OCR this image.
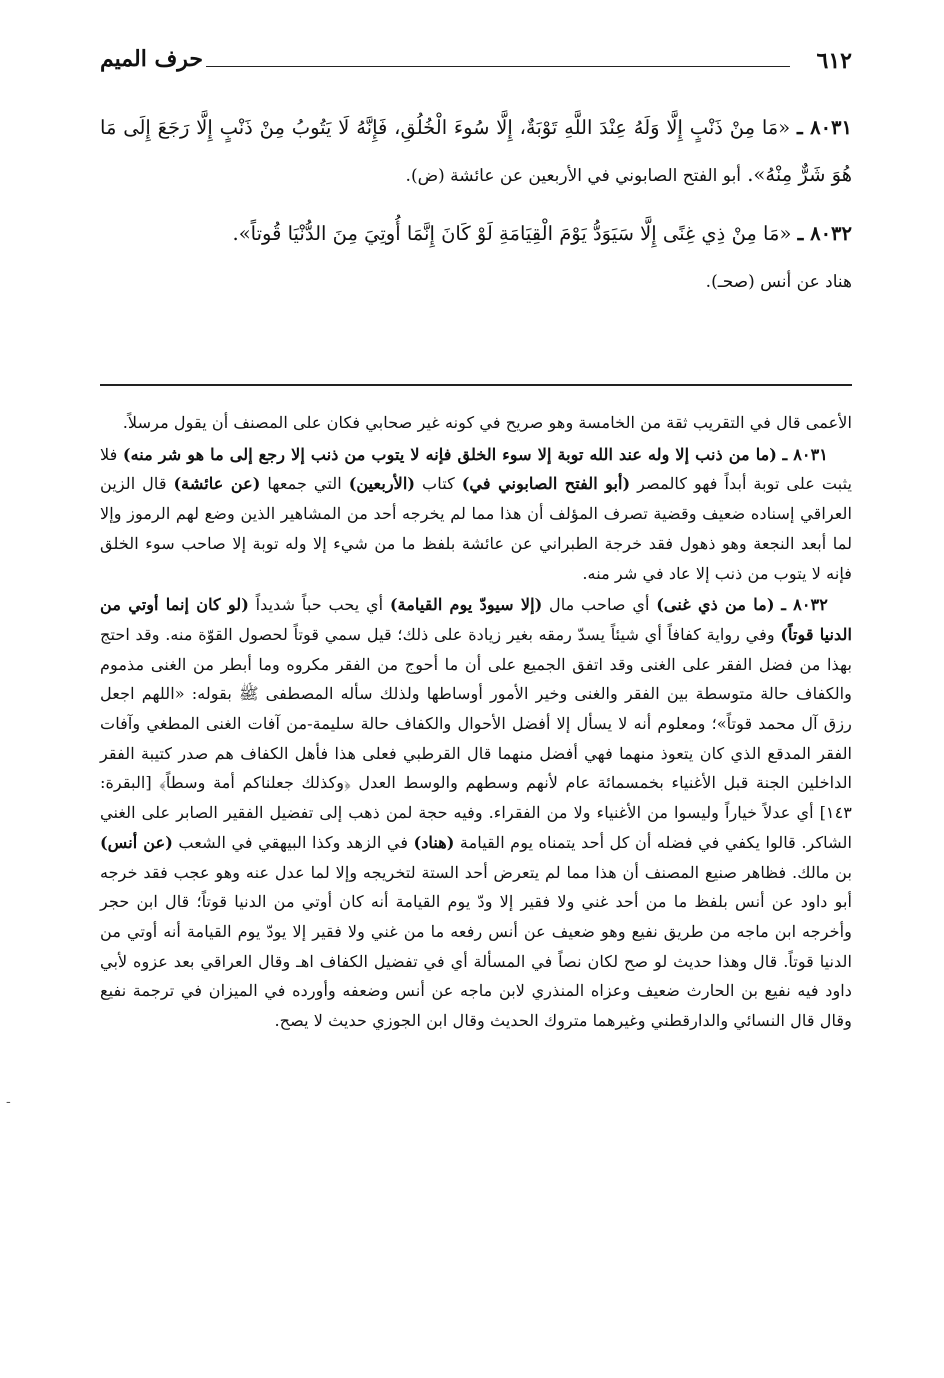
٦١٢
حرف الميم

٨٠٣١ ـ «مَا مِنْ ذَنْبٍ إِلَّا وَلَهُ عِنْدَ اللَّهِ تَوْبَةٌ، إِلَّا سُوءَ الْخُلُقِ، فَإِنَّهُ لَا يَتُوبُ مِنْ ذَنْبٍ إِلَّا رَجَعَ إِلَى مَا هُوَ شَرٌّ مِنْهُ». أبو الفتح الصابوني في الأربعين عن عائشة (ض).

٨٠٣٢ ـ «مَا مِنْ ذِي غِنًى إِلَّا سَيَوَدُّ يَوْمَ الْقِيَامَةِ لَوْ كَانَ إِنَّمَا أُوتِيَ مِنَ الدُّنْيَا قُوتاً».
هناد عن أنس (صحـ).

الأعمى قال في التقريب ثقة من الخامسة وهو صريح في كونه غير صحابي فكان على المصنف أن يقول مرسلاً.

٨٠٣١ ـ (ما من ذنب إلا وله عند الله توبة إلا سوء الخلق فإنه لا يتوب من ذنب إلا رجع إلى ما هو شر منه) فلا يثبت على توبة أبداً فهو كالمصر (أبو الفتح الصابوني في) كتاب (الأربعين) التي جمعها (عن عائشة) قال الزين العراقي إسناده ضعيف وقضية تصرف المؤلف أن هذا مما لم يخرجه أحد من المشاهير الذين وضع لهم الرموز وإلا لما أبعد النجعة وهو ذهول فقد خرجة الطبراني عن عائشة بلفظ ما من شيء إلا وله توبة إلا صاحب سوء الخلق فإنه لا يتوب من ذنب إلا عاد في شر منه.

٨٠٣٢ ـ (ما من ذي غنى) أي صاحب مال (إلا سيودّ يوم القيامة) أي يحب حباً شديداً (لو كان إنما أوتي من الدنيا قوتاً) وفي رواية كفافاً أي شيئاً يسدّ رمقه بغير زيادة على ذلك؛ قيل سمي قوتاً لحصول القوّة منه. وقد احتج بهذا من فضل الفقر على الغنى وقد اتفق الجميع على أن ما أحوج من الفقر مكروه وما أبطر من الغنى مذموم والكفاف حالة متوسطة بين الفقر والغنى وخير الأمور أوساطها ولذلك سأله المصطفى ﷺ بقوله: «اللهم اجعل رزق آل محمد قوتاً»؛ ومعلوم أنه لا يسأل إلا أفضل الأحوال والكفاف حالة سليمة-من آفات الغنى المطغي وآفات الفقر المدقع الذي كان يتعوذ منهما فهي أفضل منهما قال القرطبي فعلى هذا فأهل الكفاف هم صدر كتيبة الفقر الداخلين الجنة قبل الأغنياء بخمسمائة عام لأنهم وسطهم والوسط العدل ﴿وكذلك جعلناكم أمة وسطاً﴾ [البقرة: ١٤٣] أي عدلاً خياراً وليسوا من الأغنياء ولا من الفقراء. وفيه حجة لمن ذهب إلى تفضيل الفقير الصابر على الغني الشاكر. قالوا يكفي في فضله أن كل أحد يتمناه يوم القيامة (هناد) في الزهد وكذا البيهقي في الشعب (عن أنس) بن مالك. فظاهر صنيع المصنف أن هذا مما لم يتعرض أحد الستة لتخريجه وإلا لما عدل عنه وهو عجب فقد خرجه أبو داود عن أنس بلفظ ما من أحد غني ولا فقير إلا ودّ يوم القيامة أنه كان أوتي من الدنيا قوتاً؛ قال ابن حجر وأخرجه ابن ماجه من طريق نفيع وهو ضعيف عن أنس رفعه ما من غني ولا فقير إلا يودّ يوم القيامة أنه أوتي من الدنيا قوتاً. قال وهذا حديث لو صح لكان نصاً في المسألة أي في تفضيل الكفاف اهـ وقال العراقي بعد عزوه لأبي داود فيه نفيع بن الحارث ضعيف وعزاه المنذري لابن ماجه عن أنس وضعفه وأورده في الميزان في ترجمة نفيع وقال قال النسائي والدارقطني وغيرهما متروك الحديث وقال ابن الجوزي حديث لا يصح.

-
